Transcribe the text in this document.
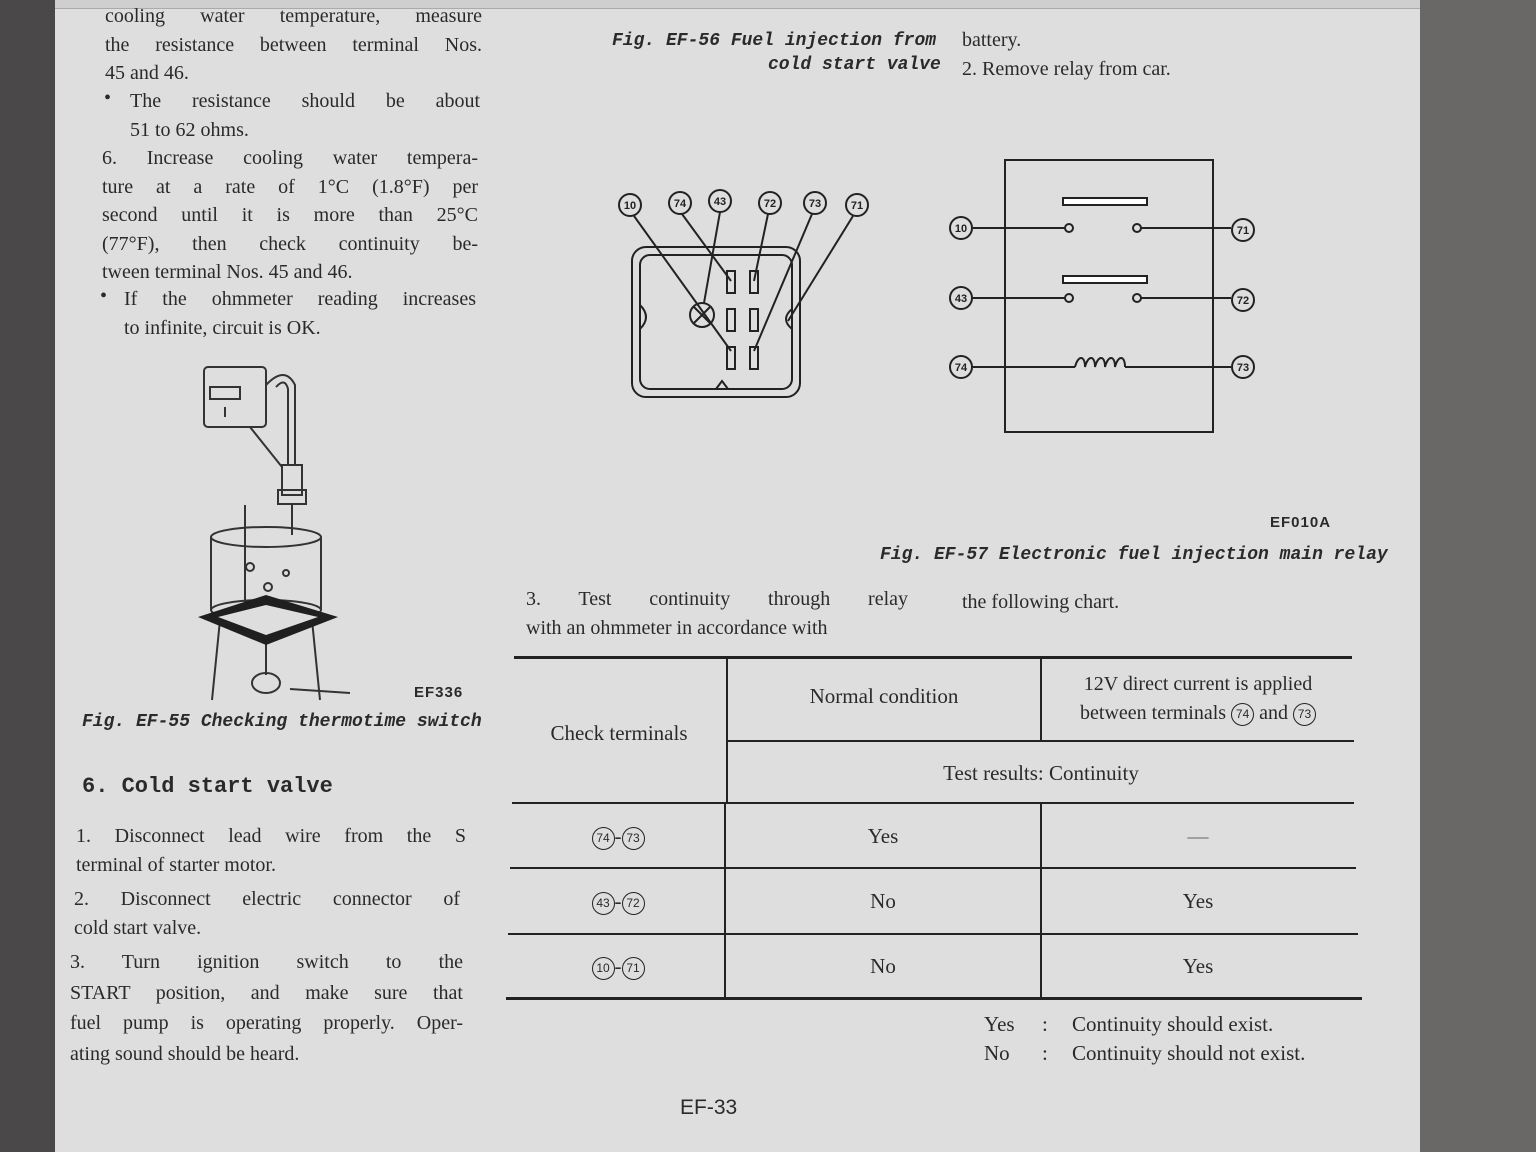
cooling water temperature, measure

the resistance between terminal Nos.

45 and 46.

• The resistance should be about

51 to 62 ohms.

6. Increase cooling water tempera-

ture at a rate of 1°C (1.8°F) per

second until it is more than 25°C

(77°F), then check continuity be-

tween terminal Nos. 45 and 46.

• If the ohmmeter reading increases

to infinite, circuit is OK.

EF336
Fig. EF-55 Checking thermotime switch
6. Cold start valve

1. Disconnect lead wire from the S

terminal of starter motor.

2. Disconnect electric connector of

cold start valve.

3. Turn ignition switch to the

START position, and make sure that

fuel pump is operating properly. Oper-

ating sound should be heard.

Fig. EF-56 Fuel injection from
cold start valve

battery.

2. Remove relay from car.

10	74	43	72	73	71
10
43
74
71
72
73
EF010A
Fig. EF-57 Electronic fuel injection main relay

3. Test continuity through relay

with an ohmmeter in accordance with

the following chart.

Check terminals
Normal condition	12V direct current is applied
between terminals 74 and 73
Test results: Continuity
74 - 73	Yes	—
43 - 72	No	Yes
10 - 71	No	Yes
Yes : Continuity should exist.
No : Continuity should not exist.
EF-33
